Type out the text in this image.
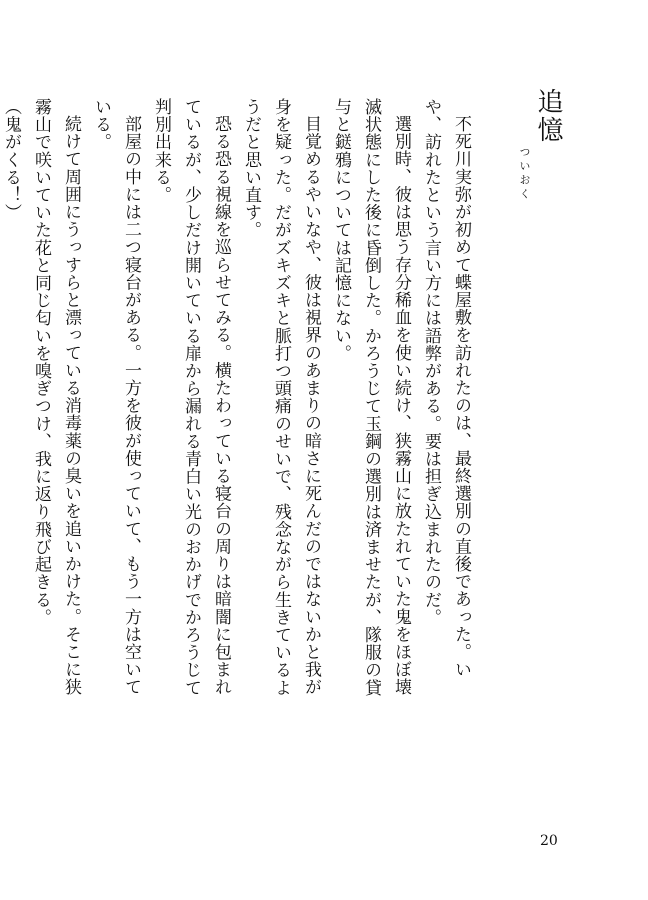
追憶
ついおく

不死川実弥が初めて蝶屋敷を訪れたのは、最終選別の直後であった。いや、訪れたという言い方には語弊がある。要は担ぎ込まれたのだ。

選別時、彼は思う存分稀血を使い続け、狭霧山に放たれていた鬼をほぼ壊滅状態にした後に昏倒した。かろうじて玉鋼の選別は済ませたが、隊服の貸与と鎹鴉については記憶にない。

目覚めるやいなや、彼は視界のあまりの暗さに死んだのではないかと我が身を疑った。だがズキズキと脈打つ頭痛のせいで、残念ながら生きているようだと思い直す。

恐る恐る視線を巡らせてみる。横たわっている寝台の周りは暗闇に包まれているが、少しだけ開いている扉から漏れる青白い光のおかげでかろうじて判別出来る。

部屋の中には二つ寝台がある。一方を彼が使っていて、もう一方は空いている。

続けて周囲にうっすらと漂っている消毒薬の臭いを追いかけた。そこに狭霧山で咲いていた花と同じ匂いを嗅ぎつけ、我に返り飛び起きる。

（鬼がくる！）

20
